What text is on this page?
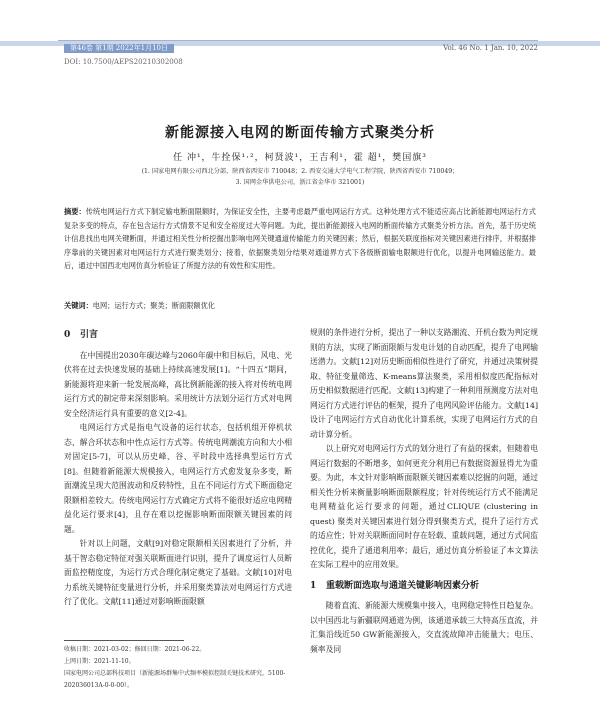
第46卷 第1期 2022年1月10日	Vol. 46 No. 1 Jan. 10, 2022
DOI: 10.7500/AEPS20210302008
新能源接入电网的断面传输方式聚类分析
任 冲¹，牛拴保¹·²，柯贤波¹，王吉利¹，霍 超¹，樊国旗³
(1. 国家电网有限公司西北分部，陕西省西安市 710048；2. 西安交通大学电气工程学院，陕西省西安市 710049；
3. 国网金华供电公司，浙江省金华市 321001)
摘要：传统电网运行方式下制定输电断面限额时，为保证安全性，主要考虑最严重电网运行方式。这种处理方式不能适应高占比新能源电网运行方式复杂多变的特点，存在包含运行方式情景不足和安全裕度过大等问题。为此，提出新能源接入电网的断面传输方式聚类分析方法。首先，基于历史统计信息找出电网关键断面，并通过相关性分析挖掘出影响电网关键通道传输能力的关键因素；然后，根据关联度指标对关键因素进行排序，并根据排序靠前的关键因素对电网运行方式进行聚类划分；接着，依据聚类划分结果对通道界方式下各级断面输电限额进行优化，以提升电网输送能力。最后，通过中国西北电网仿真分析验证了所提方法的有效性和实用性。
关键词：电网；运行方式；聚类；断面限额优化
0 引言

在中国提出2030年碳达峰与2060年碳中和目标后，风电、光伏将在过去快速发展的基础上持续高速发展[1]。“十四五”期间，新能源将迎来新一轮发展高峰，高比例新能源的接入将对传统电网运行方式的制定带来深刻影响。采用统计方法划分运行方式对电网安全经济运行具有重要的意义[2-4]。

电网运行方式是指电气设备的运行状态，包括机组开停机状态、解合环状态和中性点运行方式等。传统电网潮流方向和大小相对固定[5-7]，可以从历史峰、谷、平时段中选择典型运行方式[8]。但随着新能源大规模接入，电网运行方式愈发复杂多变，断面潮流呈现大范围波动和反转特性，且在不同运行方式下断面稳定限额相差较大。传统电网运行方式确定方式将不能很好适应电网精益化运行要求[4]，且存在难以挖掘影响断面限额关键因素的问题。

针对以上问题，文献[9]对稳定限额相关因素进行了分析，并基于智态稳定特征对强关联断面进行识别，提升了调度运行人员断面监控精度度，为运行方式合理化制定奠定了基础。文献[10]对电力系统关键特征变量进行分析，并采用聚类算法对电网运行方式进行了优化。文献[11]通过对影响断面限额

规则的条件进行分析，提出了一种以支路潮流、开机台数为判定规则的方法，实现了断面限额与发电计划的自动匹配，提升了电网输送潜力。文献[12]对历史断面相似性进行了研究，并通过决策树提取、特征变量筛选、K-means算法聚类，采用相似度匹配指标对历史相似数据进行匹配。文献[13]构建了一种利用预测度方法对电网运行方式进行评估的框架，提升了电网风险评估能力。文献[14]设计了电网运行方式自动优化计算系统，实现了电网运行方式的自动计算分析。

以上研究对电网运行方式的划分进行了有益的探索，但随着电网运行数据的不断增多，如何更充分利用已有数据资源显得尤为重要。为此，本文针对影响断面限额关键因素难以挖掘的问题，通过相关性分析来衡量影响断面限额程度；针对传统运行方式不能满足电网精益化运行要求的问题，通过CLIQUE (clustering in quest) 聚类对关键因素进行划分得到聚类方式，提升了运行方式的适应性；针对关联断面同时存在轻载、重载问题，通过方式间监控优化，提升了通道利用率；最后，通过仿真分析验证了本文算法在实际工程中的应用效果。

1 重载断面选取与通道关键影响因素分析

随着直流、新能源大规模集中接入，电网稳定特性日趋复杂。以中国西北与新疆联网通道为例，该通道承载三大特高压直流，并汇集沿线近50 GW新能源接入，交直流故障冲击能量大；电压、频率及同

收稿日期：2021-03-02；修回日期：2021-06-22。
上网日期：2021-11-10。
国家电网公司总部科技项目（新能源场群集中式频率模拟控制关键技术研究，5100-202036013A-0-0-00）。
